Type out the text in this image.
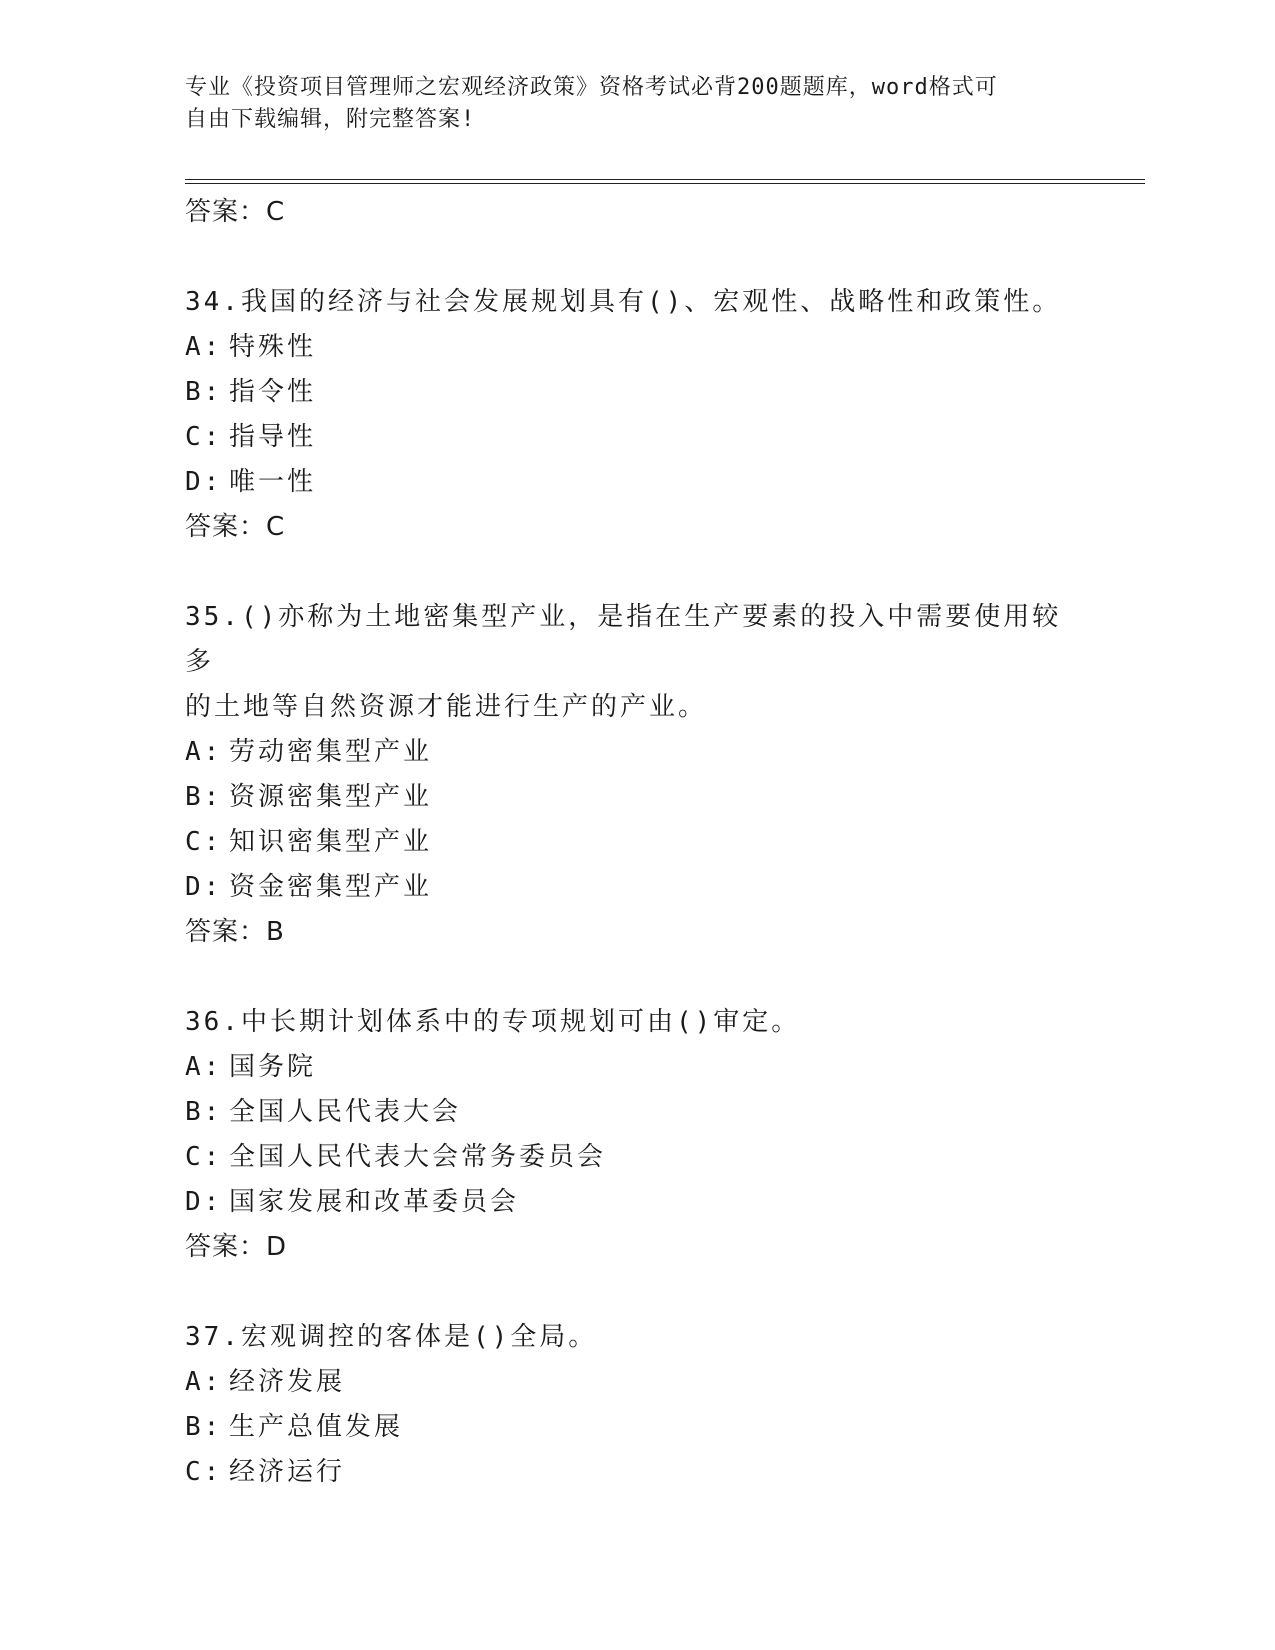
专业《投资项目管理师之宏观经济政策》资格考试必背200题题库，word格式可
自由下载编辑，附完整答案!
答案：C
34.我国的经济与社会发展规划具有()、宏观性、战略性和政策性。
A: 特殊性
B: 指令性
C: 指导性
D: 唯一性
答案：C
35.()亦称为土地密集型产业，是指在生产要素的投入中需要使用较多
的土地等自然资源才能进行生产的产业。
A: 劳动密集型产业
B: 资源密集型产业
C: 知识密集型产业
D: 资金密集型产业
答案：B
36.中长期计划体系中的专项规划可由()审定。
A: 国务院
B: 全国人民代表大会
C: 全国人民代表大会常务委员会
D: 国家发展和改革委员会
答案：D
37.宏观调控的客体是()全局。
A: 经济发展
B: 生产总值发展
C: 经济运行
